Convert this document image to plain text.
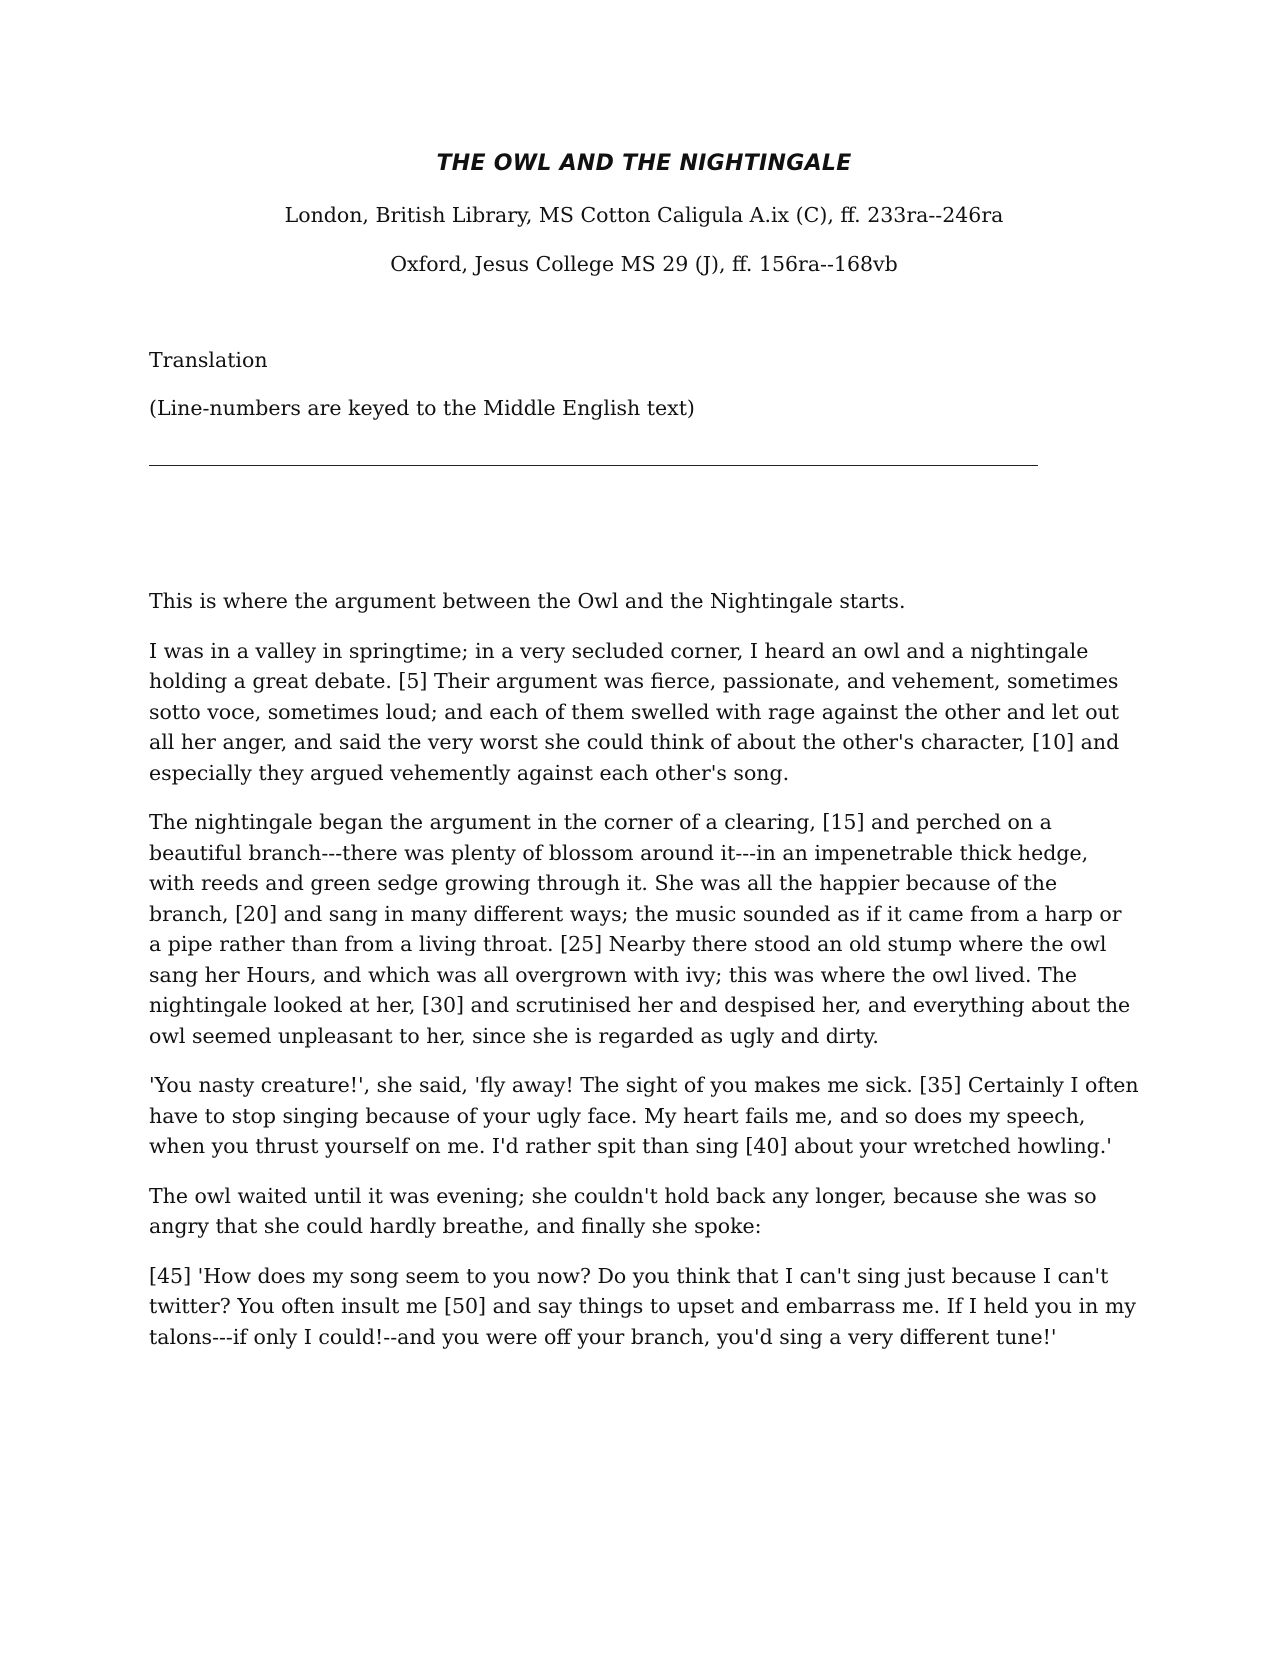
THE OWL AND THE NIGHTINGALE

London, British Library, MS Cotton Caligula A.ix (C), ff. 233ra--246ra

Oxford, Jesus College MS 29 (J), ff. 156ra--168vb

Translation

(Line-numbers are keyed to the Middle English text)

This is where the argument between the Owl and the Nightingale starts.

I was in a valley in springtime; in a very secluded corner, I heard an owl and a nightingale holding a great debate. [5] Their argument was fierce, passionate, and vehement, sometimes sotto voce, sometimes loud; and each of them swelled with rage against the other and let out all her anger, and said the very worst she could think of about the other's character, [10] and especially they argued vehemently against each other's song.

The nightingale began the argument in the corner of a clearing, [15] and perched on a beautiful branch---there was plenty of blossom around it---in an impenetrable thick hedge, with reeds and green sedge growing through it. She was all the happier because of the branch, [20] and sang in many different ways; the music sounded as if it came from a harp or a pipe rather than from a living throat. [25] Nearby there stood an old stump where the owl sang her Hours, and which was all overgrown with ivy; this was where the owl lived. The nightingale looked at her, [30] and scrutinised her and despised her, and everything about the owl seemed unpleasant to her, since she is regarded as ugly and dirty.

'You nasty creature!', she said, 'fly away! The sight of you makes me sick. [35] Certainly I often have to stop singing because of your ugly face. My heart fails me, and so does my speech, when you thrust yourself on me. I'd rather spit than sing [40] about your wretched howling.'

The owl waited until it was evening; she couldn't hold back any longer, because she was so angry that she could hardly breathe, and finally she spoke:

[45] 'How does my song seem to you now? Do you think that I can't sing just because I can't twitter? You often insult me [50] and say things to upset and embarrass me. If I held you in my talons---if only I could!--and you were off your branch, you'd sing a very different tune!'
